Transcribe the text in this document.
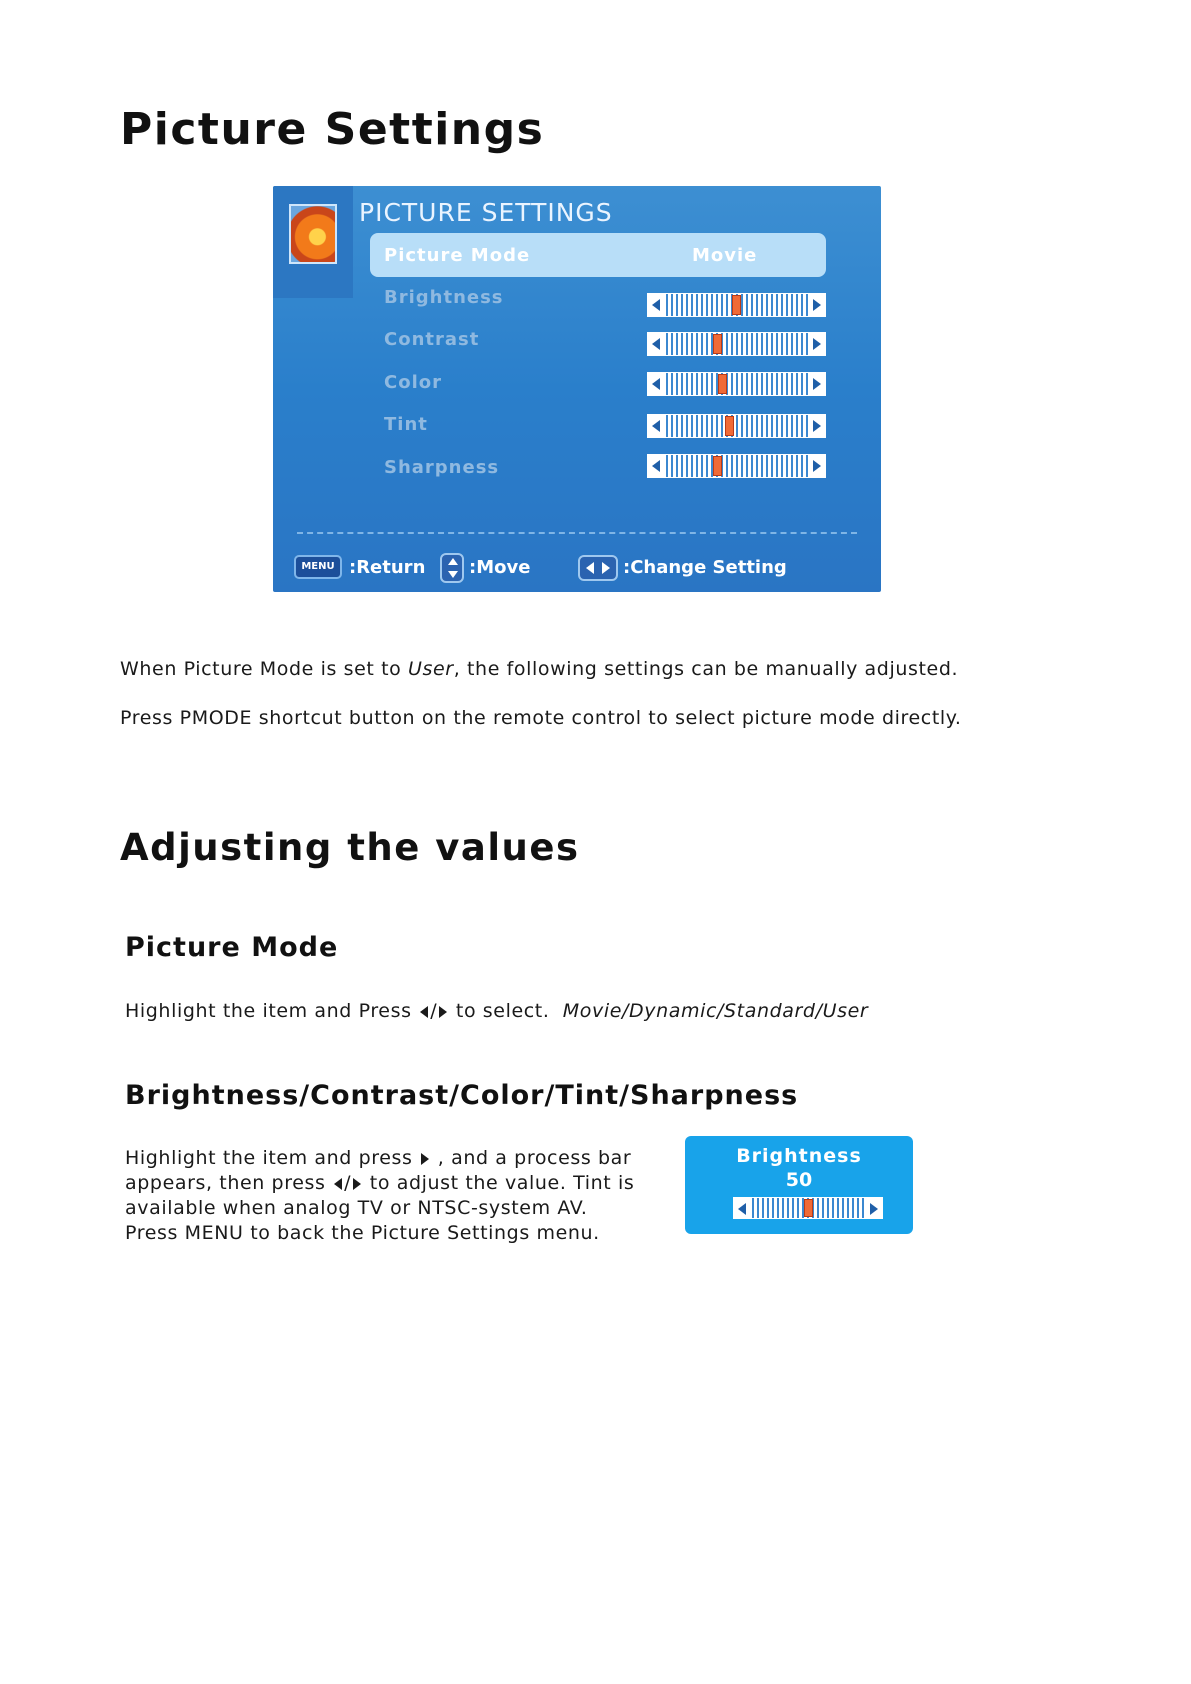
Picture Settings
PICTURE SETTINGS
Picture Mode	Movie
Brightness
Contrast
Color
Tint
Sharpness
MENU :Return :Move	:Change Setting

When Picture Mode is set to User, the following settings can be manually adjusted.

Press PMODE shortcut button on the remote control to select picture mode directly.

Adjusting the values
Picture Mode

Highlight the item and Press / to select. Movie/Dynamic/Standard/User

Brightness/Contrast/Color/Tint/Sharpness

Highlight the item and press  , and a process bar

appears, then press / to adjust the value. Tint is

available when analog TV or NTSC-system AV.

Press MENU to back the Picture Settings menu.

Brightness
50
